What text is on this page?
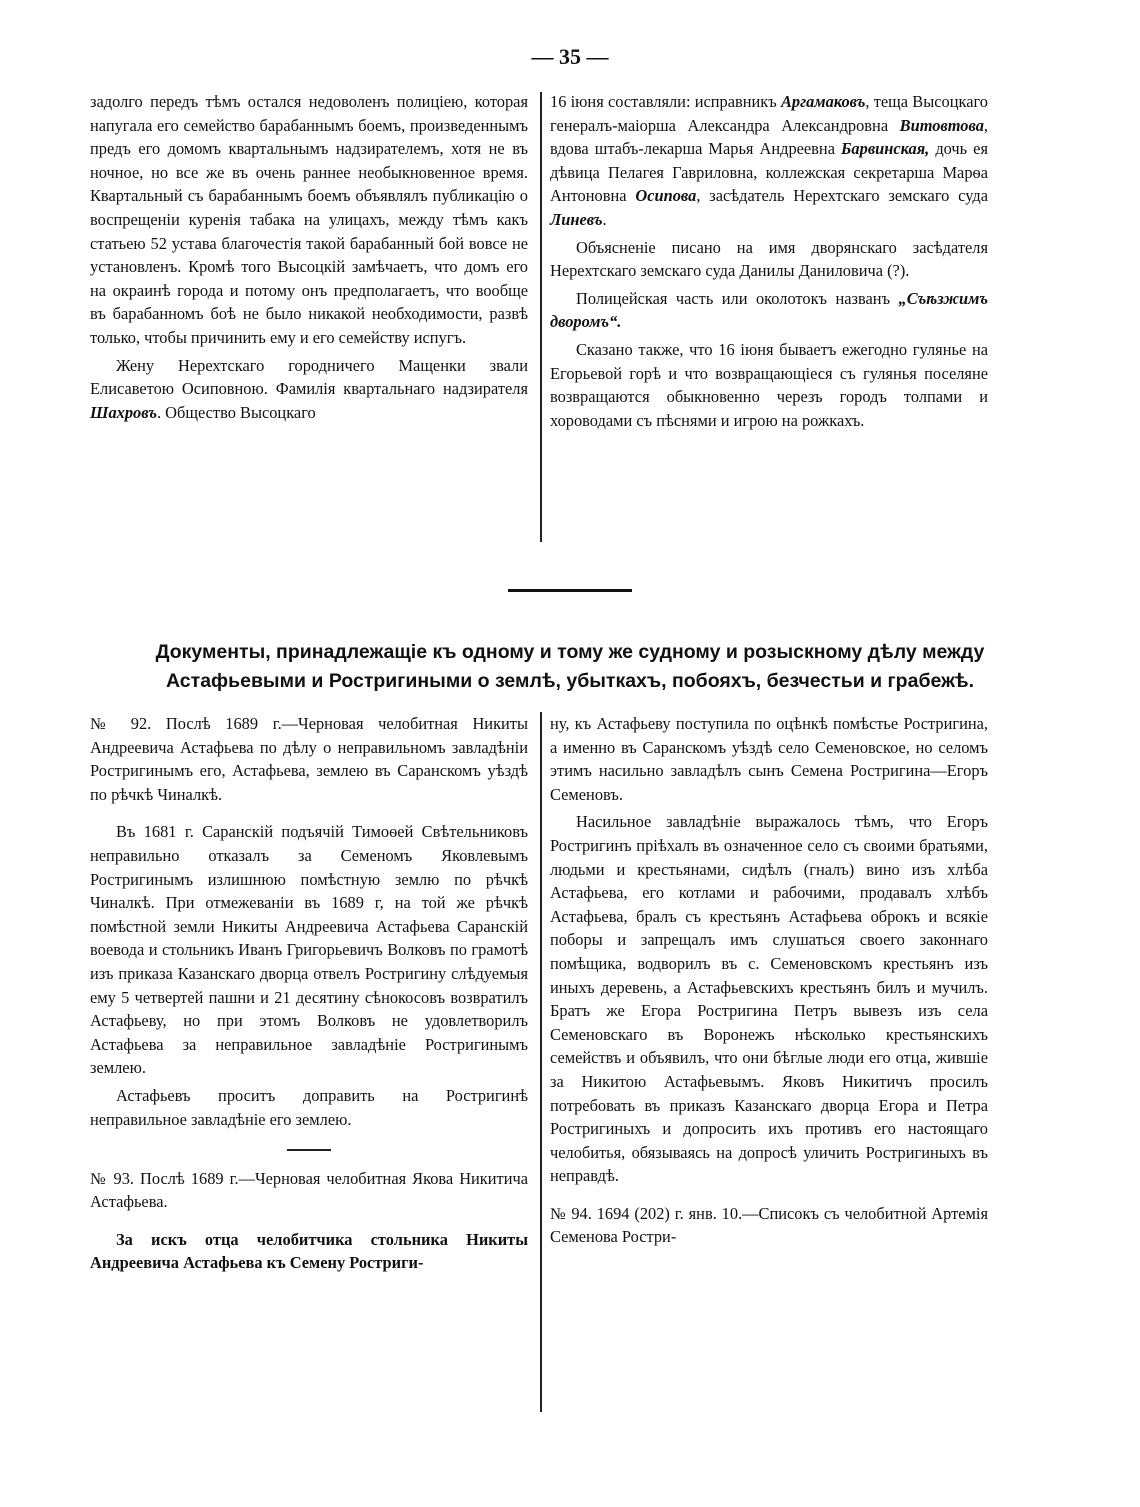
— 35 —

задолго передъ тѣмъ остался недоволенъ полиціею, которая напугала его семейство барабаннымъ боемъ, произведеннымъ предъ его домомъ квартальнымъ надзирателемъ, хотя не въ ночное, но все же въ очень раннее необыкновенное время. Квартальный съ барабаннымъ боемъ объявлялъ публикацію о воспрещеніи куренія табака на улицахъ, между тѣмъ какъ статьею 52 устава благочестія такой барабанный бой вовсе не установленъ. Кромѣ того Высоцкій замѣчаетъ, что домъ его на окраинѣ города и потому онъ предполагаетъ, что вообще въ барабанномъ боѣ не было никакой необходимости, развѣ только, чтобы причинить ему и его семейству испугъ.

Жену Нерехтскаго городничего Мащенки звали Елисаветою Осиповною. Фамилія квартальнаго надзирателя Шахровъ. Общество Высоцкаго

16 іюня составляли: исправникъ Аргамаковъ, теща Высоцкаго генералъ-маіорша Александра Александровна Витовтова, вдова штабъ-лекарша Марья Андреевна Барвинская, дочь ея дѣвица Пелагея Гавриловна, коллежская секретарша Марѳа Антоновна Осипова, засѣдатель Нерехтскаго земскаго суда Линевъ.

Объясненіе писано на имя дворянскаго засѣдателя Нерехтскаго земскаго суда Данилы Даниловича (?).

Полицейская часть или околотокъ названъ „Съѣзжимъ дворомъ“.

Сказано также, что 16 іюня бываетъ ежегодно гулянье на Егорьевой горѣ и что возвращающіеся съ гулянья поселяне возвращаются обыкновенно черезъ городъ толпами и хороводами съ пѣснями и игрою на рожкахъ.

Документы, принадлежащіе къ одному и тому же судному и розыскному дѣлу между Астафьевыми и Ростригиными о землѣ, убыткахъ, побояхъ, безчестьи и грабежѣ.

№ 92. Послѣ 1689 г.—Черновая челобитная Никиты Андреевича Астафьева по дѣлу о неправильномъ завладѣніи Ростригинымъ его, Астафьева, землею въ Саранскомъ уѣздѣ по рѣчкѣ Чиналкѣ.

Въ 1681 г. Саранскій подъячій Тимоѳей Свѣтельниковъ неправильно отказалъ за Семеномъ Яковлевымъ Ростригинымъ излишнюю помѣстную землю по рѣчкѣ Чиналкѣ. При отмежеваніи въ 1689 г, на той же рѣчкѣ помѣстной земли Никиты Андреевича Астафьева Саранскій воевода и стольникъ Иванъ Григорьевичъ Волковъ по грамотѣ изъ приказа Казанскаго дворца отвелъ Ростригину слѣдуемыя ему 5 четвертей пашни и 21 десятину сѣнокосовъ возвратилъ Астафьеву, но при этомъ Волковъ не удовлетворилъ Астафьева за неправильное завладѣніе Ростригинымъ землею.

Астафьевъ проситъ доправить на Ростригинѣ неправильное завладѣніе его землею.

№ 93. Послѣ 1689 г.—Черновая челобитная Якова Никитича Астафьева.

За искъ отца челобитчика стольника Никиты Андреевича Астафьева къ Семену Ростриги-

ну, къ Астафьеву поступила по оцѣнкѣ помѣстье Ростригина, а именно въ Саранскомъ уѣздѣ село Семеновское, но селомъ этимъ насильно завладѣлъ сынъ Семена Ростригина—Егоръ Семеновъ.

Насильное завладѣніе выражалось тѣмъ, что Егоръ Ростригинъ пріѣхалъ въ означенное село съ своими братьями, людьми и крестьянами, сидѣлъ (гналъ) вино изъ хлѣба Астафьева, его котлами и рабочими, продавалъ хлѣбъ Астафьева, бралъ съ крестьянъ Астафьева оброкъ и всякіе поборы и запрещалъ имъ слушаться своего законнаго помѣщика, водворилъ въ с. Семеновскомъ крестьянъ изъ иныхъ деревень, а Астафьевскихъ крестьянъ билъ и мучилъ. Братъ же Егора Ростригина Петръ вывезъ изъ села Семеновскаго въ Воронежъ нѣсколько крестьянскихъ семействъ и объявилъ, что они бѣглые люди его отца, жившіе за Никитою Астафьевымъ. Яковъ Никитичъ просилъ потребовать въ приказъ Казанскаго дворца Егора и Петра Ростригиныхъ и допросить ихъ противъ его настоящаго челобитья, обязываясь на допросѣ уличить Ростригиныхъ въ неправдѣ.

№ 94. 1694 (202) г. янв. 10.—Списокъ съ челобитной Артемія Семенова Ростри-
